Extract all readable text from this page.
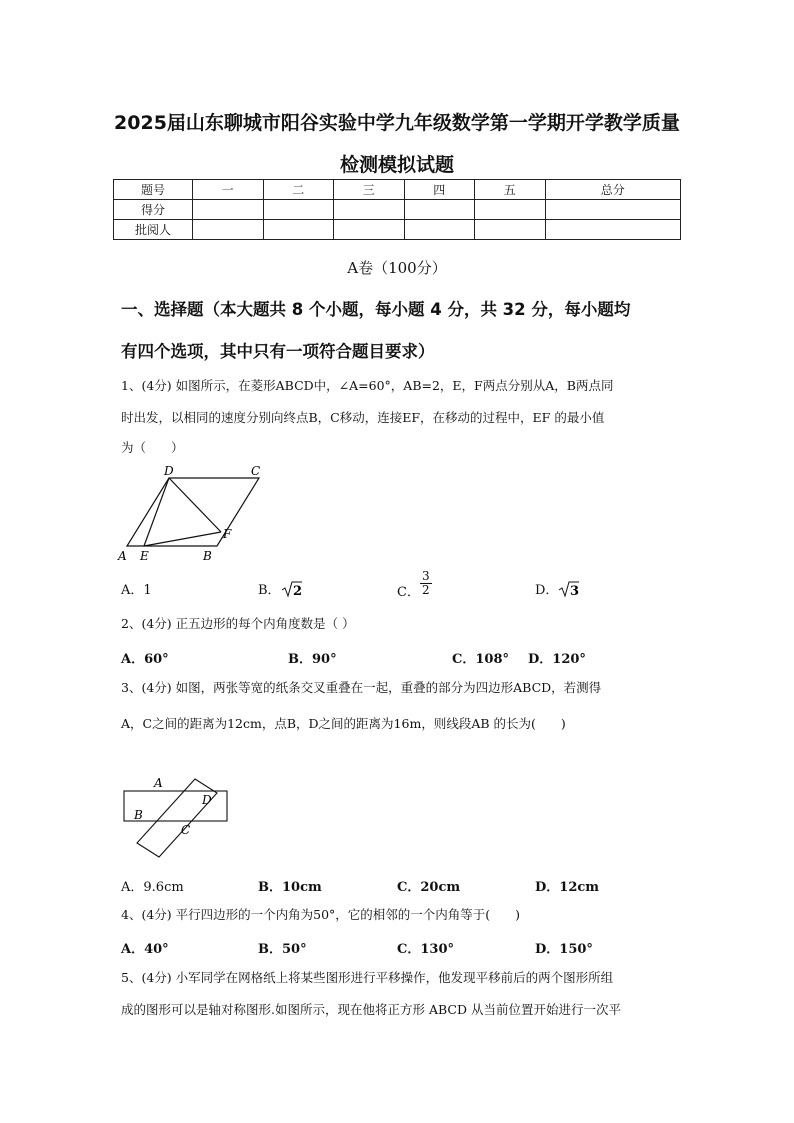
2025届山东聊城市阳谷实验中学九年级数学第一学期开学教学质量
检测模拟试题
题号	一	二	三	四	五	总分
得分						
批阅人						
A卷（100分）
一、选择题（本大题共 8 个小题，每小题 4 分，共 32 分，每小题均
有四个选项，其中只有一项符合题目要求）
1、(4分) 如图所示，在菱形ABCD中，∠A=60°，AB=2，E，F两点分别从A，B两点同
时出发，以相同的速度分别向终点B，C移动，连接EF，在移动的过程中，EF 的最小值
为（　　）
A E	B
F
D	C
A．1	B． 2	C． $\frac{3}{2}$	D． 3
2、(4分) 正五边形的每个内角度数是（ ）
A．60°	B．90°	C．108° D．120°
3、(4分) 如图，两张等宽的纸条交叉重叠在一起，重叠的部分为四边形ABCD，若测得
A，C之间的距离为12cm，点B，D之间的距离为16m，则线段AB 的长为(　　)
A
B
D
C
A．9.6cm	B．10cm	C．20cm	D．12cm
4、(4分) 平行四边形的一个内角为50°，它的相邻的一个内角等于(　　)
A．40°	B．50°	C．130°	D．150°
5、(4分) 小军同学在网格纸上将某些图形进行平移操作，他发现平移前后的两个图形所组
成的图形可以是轴对称图形.如图所示，现在他将正方形 ABCD 从当前位置开始进行一次平
